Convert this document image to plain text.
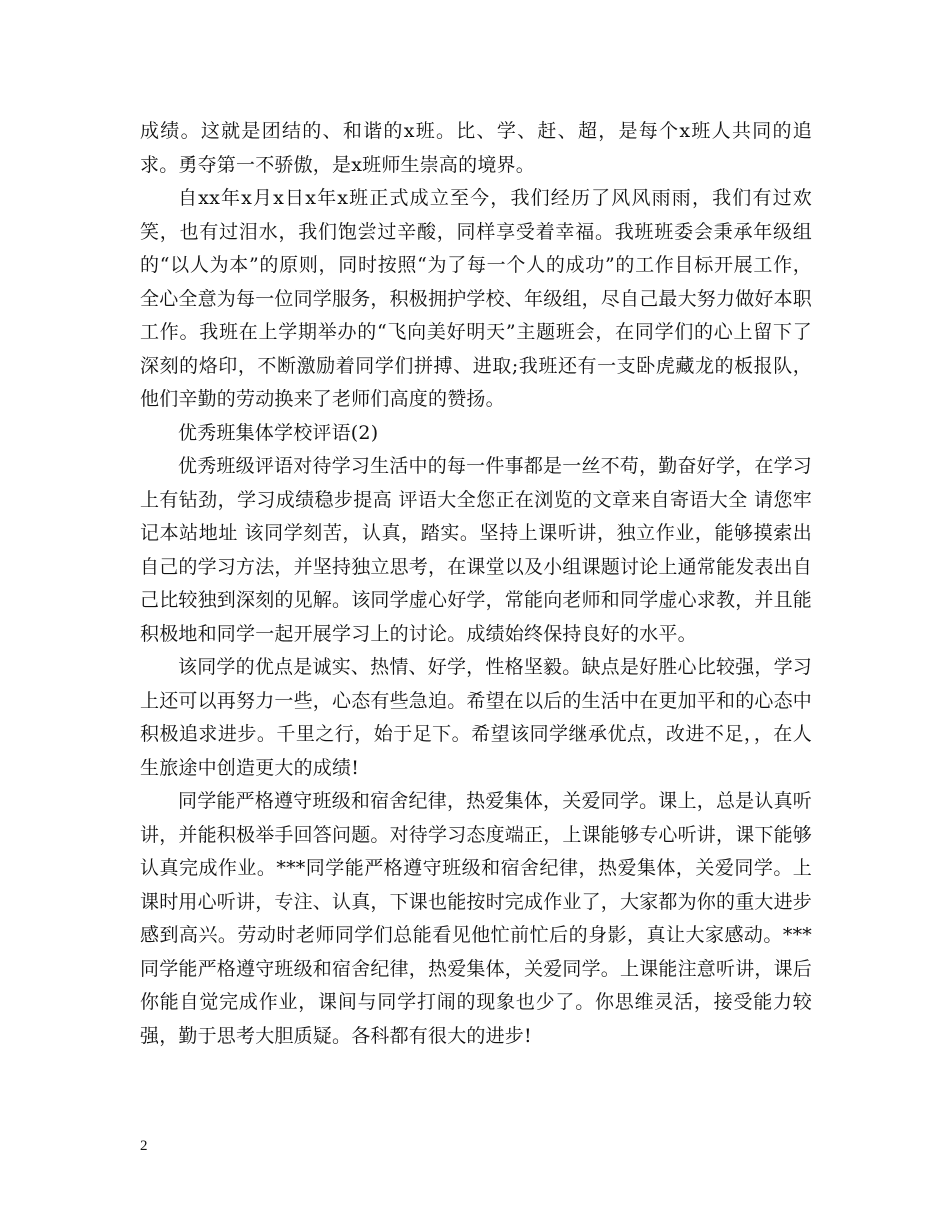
成绩。这就是团结的、和谐的x班。比、学、赶、超，是每个x班人共同的追求。勇夺第一不骄傲，是x班师生崇高的境界。

自xx年x月x日x年x班正式成立至今，我们经历了风风雨雨，我们有过欢笑，也有过泪水，我们饱尝过辛酸，同样享受着幸福。我班班委会秉承年级组的“以人为本”的原则，同时按照“为了每一个人的成功”的工作目标开展工作，全心全意为每一位同学服务，积极拥护学校、年级组，尽自己最大努力做好本职工作。我班在上学期举办的“飞向美好明天”主题班会，在同学们的心上留下了深刻的烙印，不断激励着同学们拼搏、进取;我班还有一支卧虎藏龙的板报队，他们辛勤的劳动换来了老师们高度的赞扬。

优秀班集体学校评语(2)

优秀班级评语对待学习生活中的每一件事都是一丝不苟，勤奋好学，在学习上有钻劲，学习成绩稳步提高 评语大全您正在浏览的文章来自寄语大全 请您牢记本站地址 该同学刻苦，认真，踏实。坚持上课听讲，独立作业，能够摸索出自己的学习方法，并坚持独立思考，在课堂以及小组课题讨论上通常能发表出自己比较独到深刻的见解。该同学虚心好学，常能向老师和同学虚心求教，并且能积极地和同学一起开展学习上的讨论。成绩始终保持良好的水平。

该同学的优点是诚实、热情、好学，性格坚毅。缺点是好胜心比较强，学习上还可以再努力一些，心态有些急迫。希望在以后的生活中在更加平和的心态中积极追求进步。千里之行，始于足下。希望该同学继承优点，改进不足，，在人生旅途中创造更大的成绩!

同学能严格遵守班级和宿舍纪律，热爱集体，关爱同学。课上，总是认真听讲，并能积极举手回答问题。对待学习态度端正，上课能够专心听讲，课下能够认真完成作业。***同学能严格遵守班级和宿舍纪律，热爱集体，关爱同学。上课时用心听讲，专注、认真，下课也能按时完成作业了，大家都为你的重大进步感到高兴。劳动时老师同学们总能看见他忙前忙后的身影，真让大家感动。***同学能严格遵守班级和宿舍纪律，热爱集体，关爱同学。上课能注意听讲，课后你能自觉完成作业，课间与同学打闹的现象也少了。你思维灵活，接受能力较强，勤于思考大胆质疑。各科都有很大的进步!

2
